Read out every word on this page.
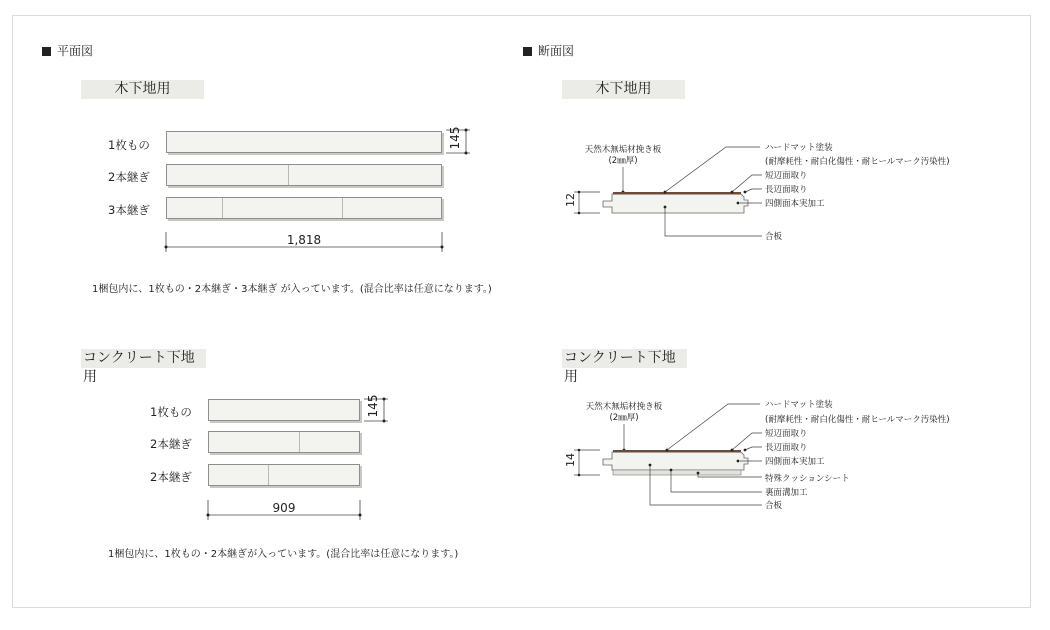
平面図
木下地用
1枚もの
2本継ぎ
3本継ぎ
145
1,818
145
909
1梱包内に、1枚もの・2本継ぎ・3本継ぎ が入っています。(混合比率は任意になります。)
コンクリート下地用
1枚もの
2本継ぎ
2本継ぎ
1梱包内に、1枚もの・2本継ぎが入っています。(混合比率は任意になります。)
断面図
木下地用
コンクリート下地用
天然木無垢材挽き板
(2㎜厚)
12
ハードマット塗装
(耐摩耗性・耐白化傷性・耐ヒールマーク汚染性)
短辺面取り
長辺面取り
四側面本実加工
合板
天然木無垢材挽き板
(2㎜厚)
14
ハードマット塗装
(耐摩耗性・耐白化傷性・耐ヒールマーク汚染性)
短辺面取り
長辺面取り
四側面本実加工
特殊クッションシート
裏面溝加工
合板
